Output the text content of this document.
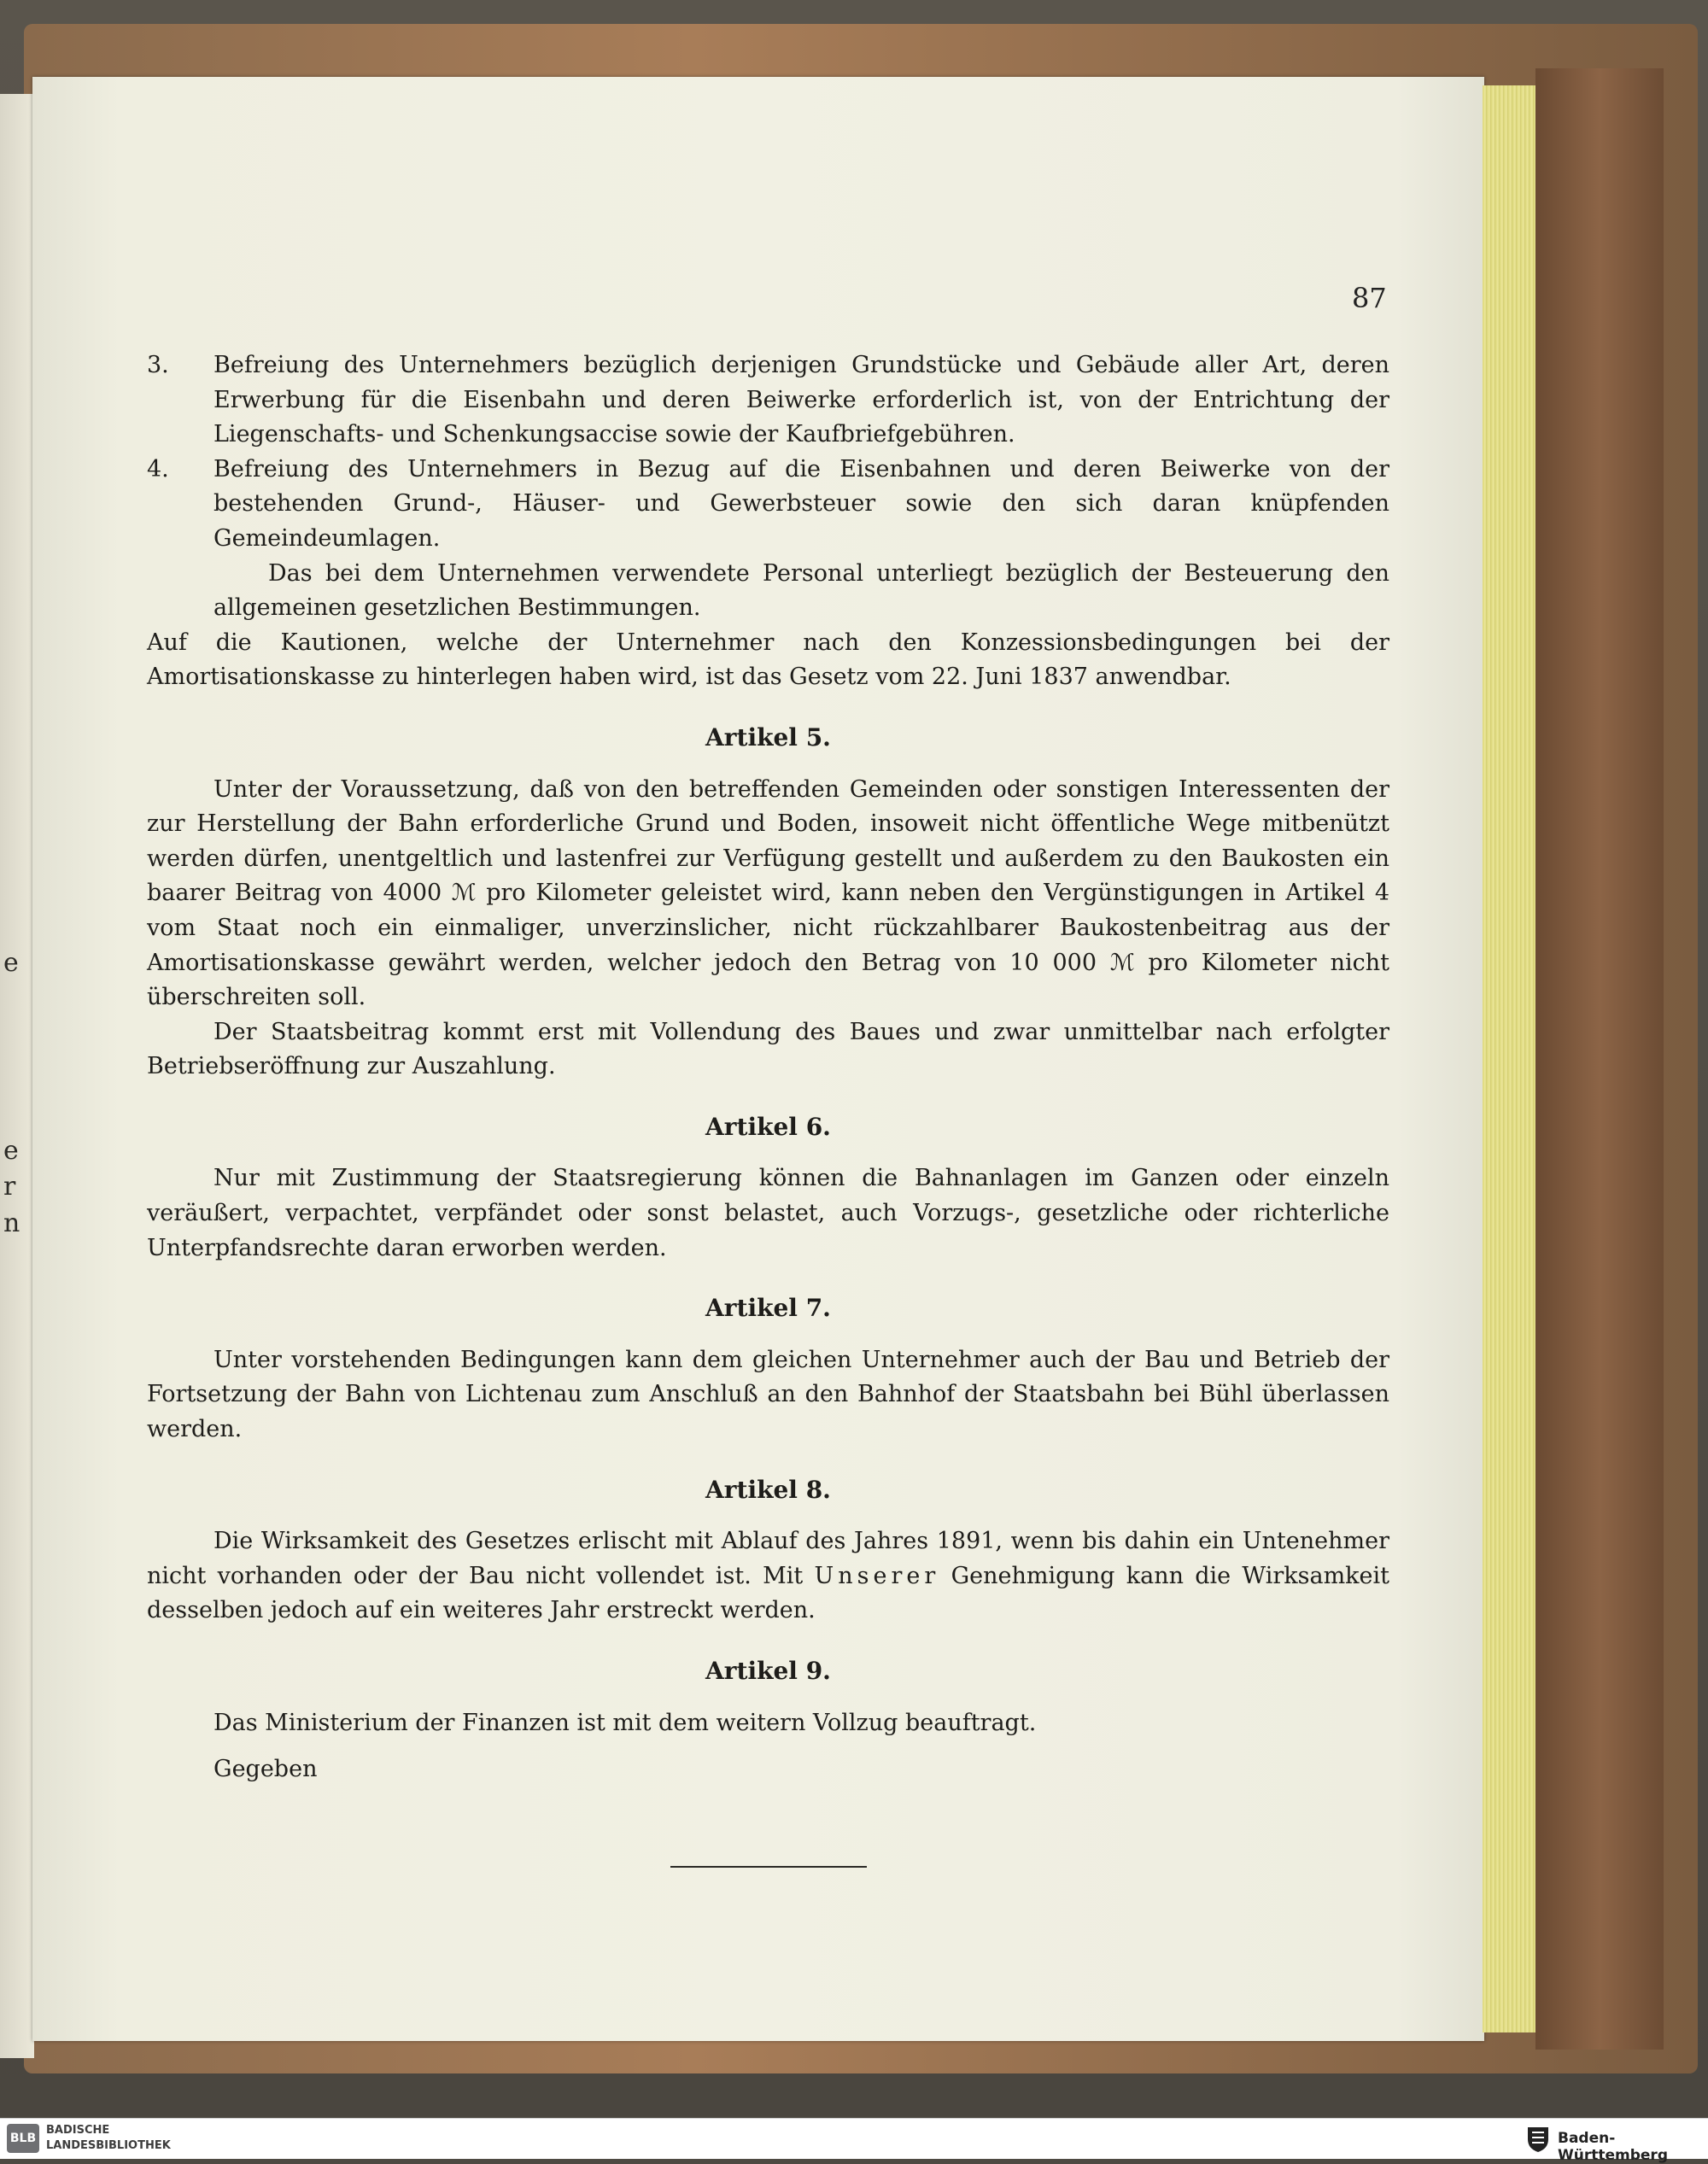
e
e
r
n
87

3. Befreiung des Unternehmers bezüglich derjenigen Grundstücke und Gebäude aller Art, deren Erwerbung für die Eisenbahn und deren Beiwerke erforderlich ist, von der Entrichtung der Liegenschafts- und Schenkungsaccise sowie der Kaufbriefgebühren.

4. Befreiung des Unternehmers in Bezug auf die Eisenbahnen und deren Beiwerke von der bestehenden Grund-, Häuser- und Gewerbsteuer sowie den sich daran knüpfenden Gemeindeumlagen.

Das bei dem Unternehmen verwendete Personal unterliegt bezüglich der Besteuerung den allgemeinen gesetzlichen Bestimmungen.

Auf die Kautionen, welche der Unternehmer nach den Konzessionsbedingungen bei der Amortisationskasse zu hinterlegen haben wird, ist das Gesetz vom 22. Juni 1837 anwendbar.

Artikel 5.

Unter der Voraussetzung, daß von den betreffenden Gemeinden oder sonstigen Interessenten der zur Herstellung der Bahn erforderliche Grund und Boden, insoweit nicht öffentliche Wege mitbenützt werden dürfen, unentgeltlich und lastenfrei zur Verfügung gestellt und außerdem zu den Baukosten ein baarer Beitrag von 4000 ℳ pro Kilometer geleistet wird, kann neben den Vergünstigungen in Artikel 4 vom Staat noch ein einmaliger, unverzinslicher, nicht rückzahlbarer Baukostenbeitrag aus der Amortisationskasse gewährt werden, welcher jedoch den Betrag von 10 000 ℳ pro Kilometer nicht überschreiten soll.

Der Staatsbeitrag kommt erst mit Vollendung des Baues und zwar unmittelbar nach erfolgter Betriebseröffnung zur Auszahlung.

Artikel 6.

Nur mit Zustimmung der Staatsregierung können die Bahnanlagen im Ganzen oder einzeln veräußert, verpachtet, verpfändet oder sonst belastet, auch Vorzugs-, gesetzliche oder richterliche Unterpfandsrechte daran erworben werden.

Artikel 7.

Unter vorstehenden Bedingungen kann dem gleichen Unternehmer auch der Bau und Betrieb der Fortsetzung der Bahn von Lichtenau zum Anschluß an den Bahnhof der Staatsbahn bei Bühl überlassen werden.

Artikel 8.

Die Wirksamkeit des Gesetzes erlischt mit Ablauf des Jahres 1891, wenn bis dahin ein Untenehmer nicht vorhanden oder der Bau nicht vollendet ist. Mit Unserer Genehmigung kann die Wirksamkeit desselben jedoch auf ein weiteres Jahr erstreckt werden.

Artikel 9.

Das Ministerium der Finanzen ist mit dem weitern Vollzug beauftragt.

Gegeben

BLB
BADISCHE
LANDESBIBLIOTHEK	Baden-Württemberg
